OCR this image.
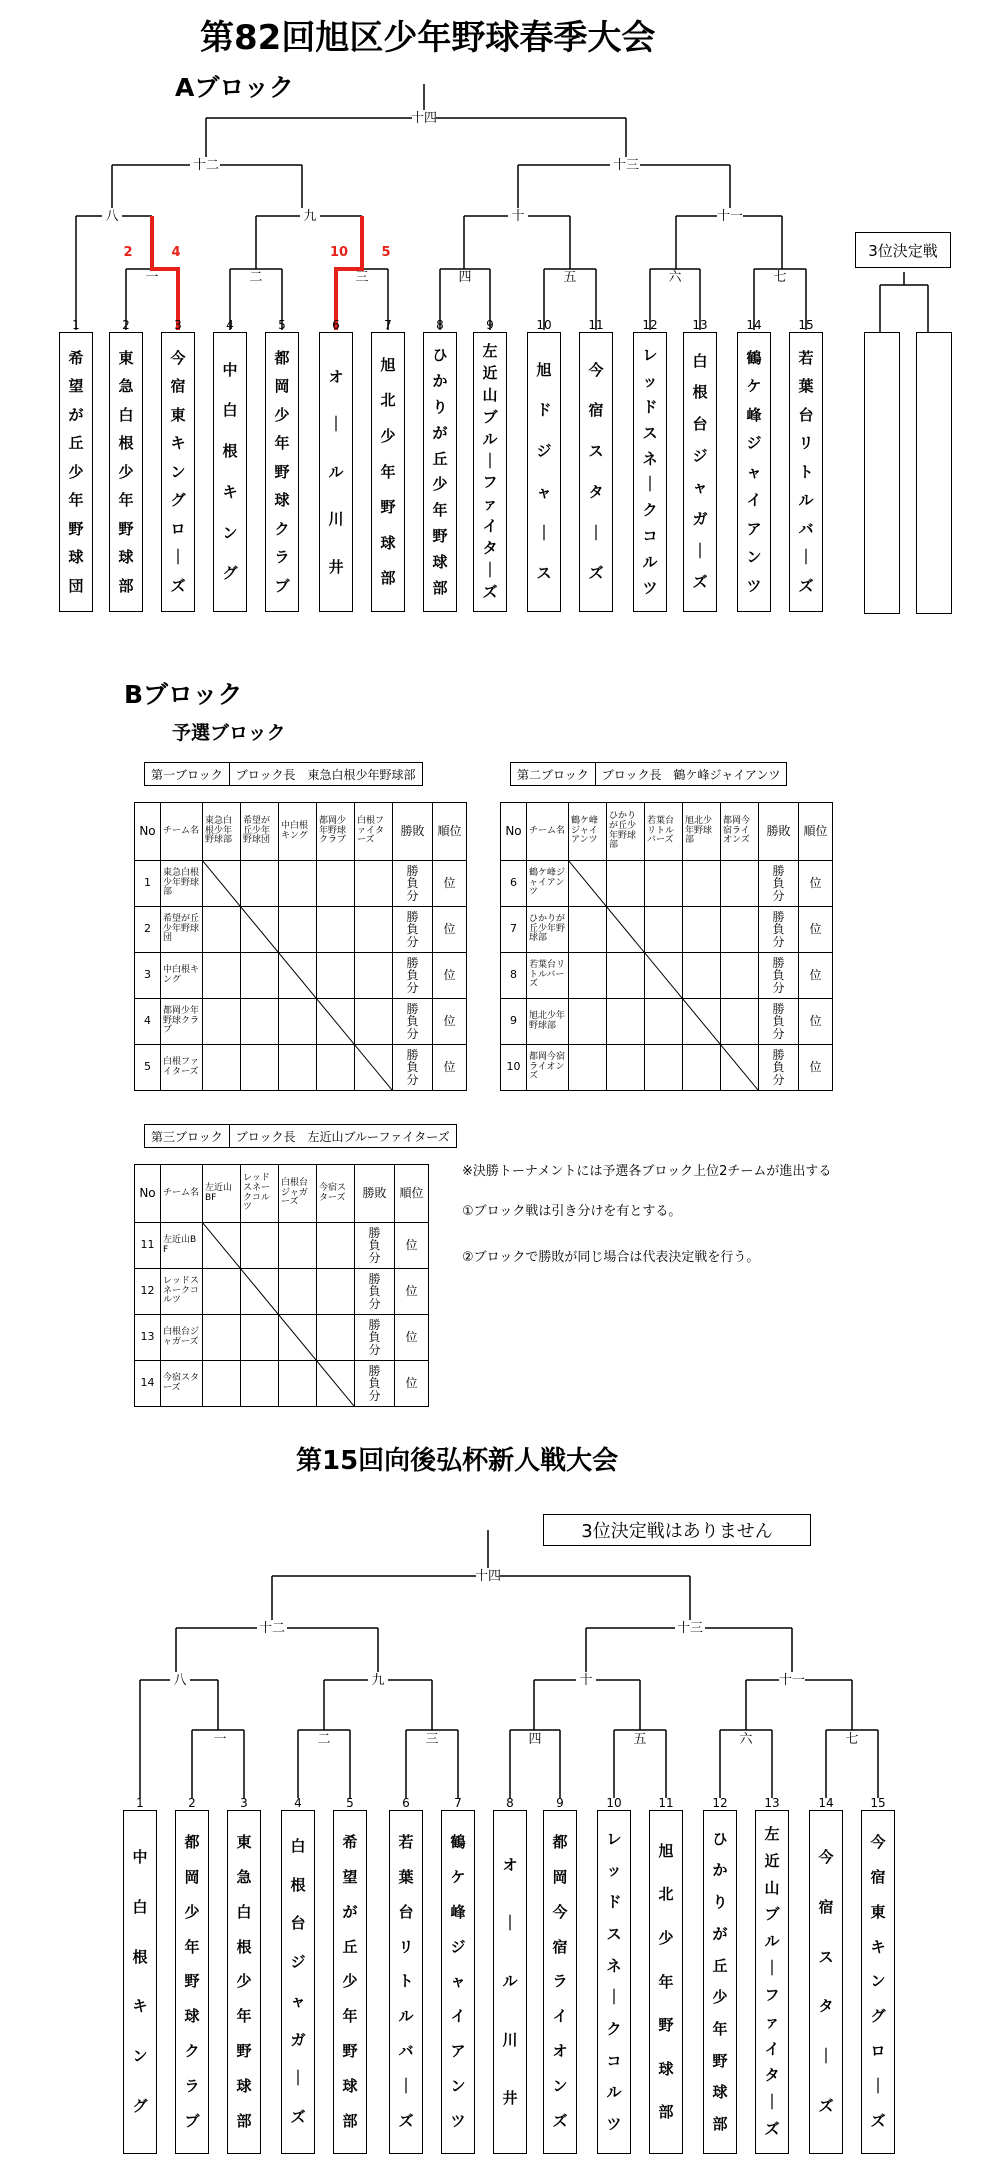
第82回旭区少年野球春季大会
Aブロック
十四
十二	十三
八	九	十	十一
一	二	三	四	五	六	七
2	4	10	5	3位決定戦
1
希
望
が
丘
少
年
野
球
団
2
東
急
白
根
少
年
野
球
部
3
今
宿
東
キ
ン
グ
ロ
｜
ズ
4
中
白
根
キ
ン
グ
5
都
岡
少
年
野
球
ク
ラ
ブ
6
オ
｜
ル
川
井
7
旭
北
少
年
野
球
部
8
ひ
か
り
が
丘
少
年
野
球
部
9
左
近
山
ブ
ル
｜
フ
ァ
イ
タ
｜
ズ
10
旭
ド
ジ
ャ
｜
ス
11
今
宿
ス
タ
｜
ズ
12
レ
ッ
ド
ス
ネ
｜
ク
コ
ル
ツ
13
白
根
台
ジ
ャ
ガ
｜
ズ
14
鶴
ケ
峰
ジ
ャ
イ
ア
ン
ツ
15
若
葉
台
リ
ト
ル
バ
｜
ズ
Bブロック
予選ブロック
第一ブロック	ブロック長　東急白根少年野球部
No	チーム名	東急白根少年野球部	希望が丘少年野球団	中白根キング	都岡少年野球クラブ	白根ファイターズ	勝敗	順位
1	東急白根少年野球部						勝
負
分	位
2	希望が丘少年野球団						勝
負
分	位
3	中白根キング						勝
負
分	位
4	都岡少年野球クラブ						勝
負
分	位
5	白根ファイターズ						勝
負
分	位
第二ブロック	ブロック長　鶴ケ峰ジャイアンツ
No	チーム名	鶴ケ峰ジャイアンツ	ひかりが丘少年野球部	若葉台リトルバーズ	旭北少年野球部	都岡今宿ライオンズ	勝敗	順位
6	鶴ケ峰ジャイアンツ						勝
負
分	位
7	ひかりが丘少年野球部						勝
負
分	位
8	若葉台リトルバーズ						勝
負
分	位
9	旭北少年野球部						勝
負
分	位
10	都岡今宿ライオンズ						勝
負
分	位
第三ブロック	ブロック長　左近山ブルーファイターズ
No	チーム名	左近山BF	レッドスネークコルツ	白根台ジャガーズ	今宿スターズ	勝敗	順位
11	左近山BF					勝
負
分	位
12	レッドスネークコルツ					勝
負
分	位
13	白根台ジャガーズ					勝
負
分	位
14	今宿スターズ					勝
負
分	位
※決勝トーナメントには予選各ブロック上位2チームが進出する
①ブロック戦は引き分けを有とする。
②ブロックで勝敗が同じ場合は代表決定戦を行う。
第15回向後弘杯新人戦大会
3位決定戦はありません
十四
十二	十三
八	九	十	十一
一	二	三	四	五	六	七
1
中
白
根
キ
ン
グ
2
都
岡
少
年
野
球
ク
ラ
ブ
3
東
急
白
根
少
年
野
球
部
4
白
根
台
ジ
ャ
ガ
｜
ズ
5
希
望
が
丘
少
年
野
球
部
6
若
葉
台
リ
ト
ル
バ
｜
ズ
7
鶴
ケ
峰
ジ
ャ
イ
ア
ン
ツ
8
オ
｜
ル
川
井
9
都
岡
今
宿
ラ
イ
オ
ン
ズ
10
レ
ッ
ド
ス
ネ
｜
ク
コ
ル
ツ
11
旭
北
少
年
野
球
部
12
ひ
か
り
が
丘
少
年
野
球
部
13
左
近
山
ブ
ル
｜
フ
ァ
イ
タ
｜
ズ
14
今
宿
ス
タ
｜
ズ
15
今
宿
東
キ
ン
グ
ロ
｜
ズ
